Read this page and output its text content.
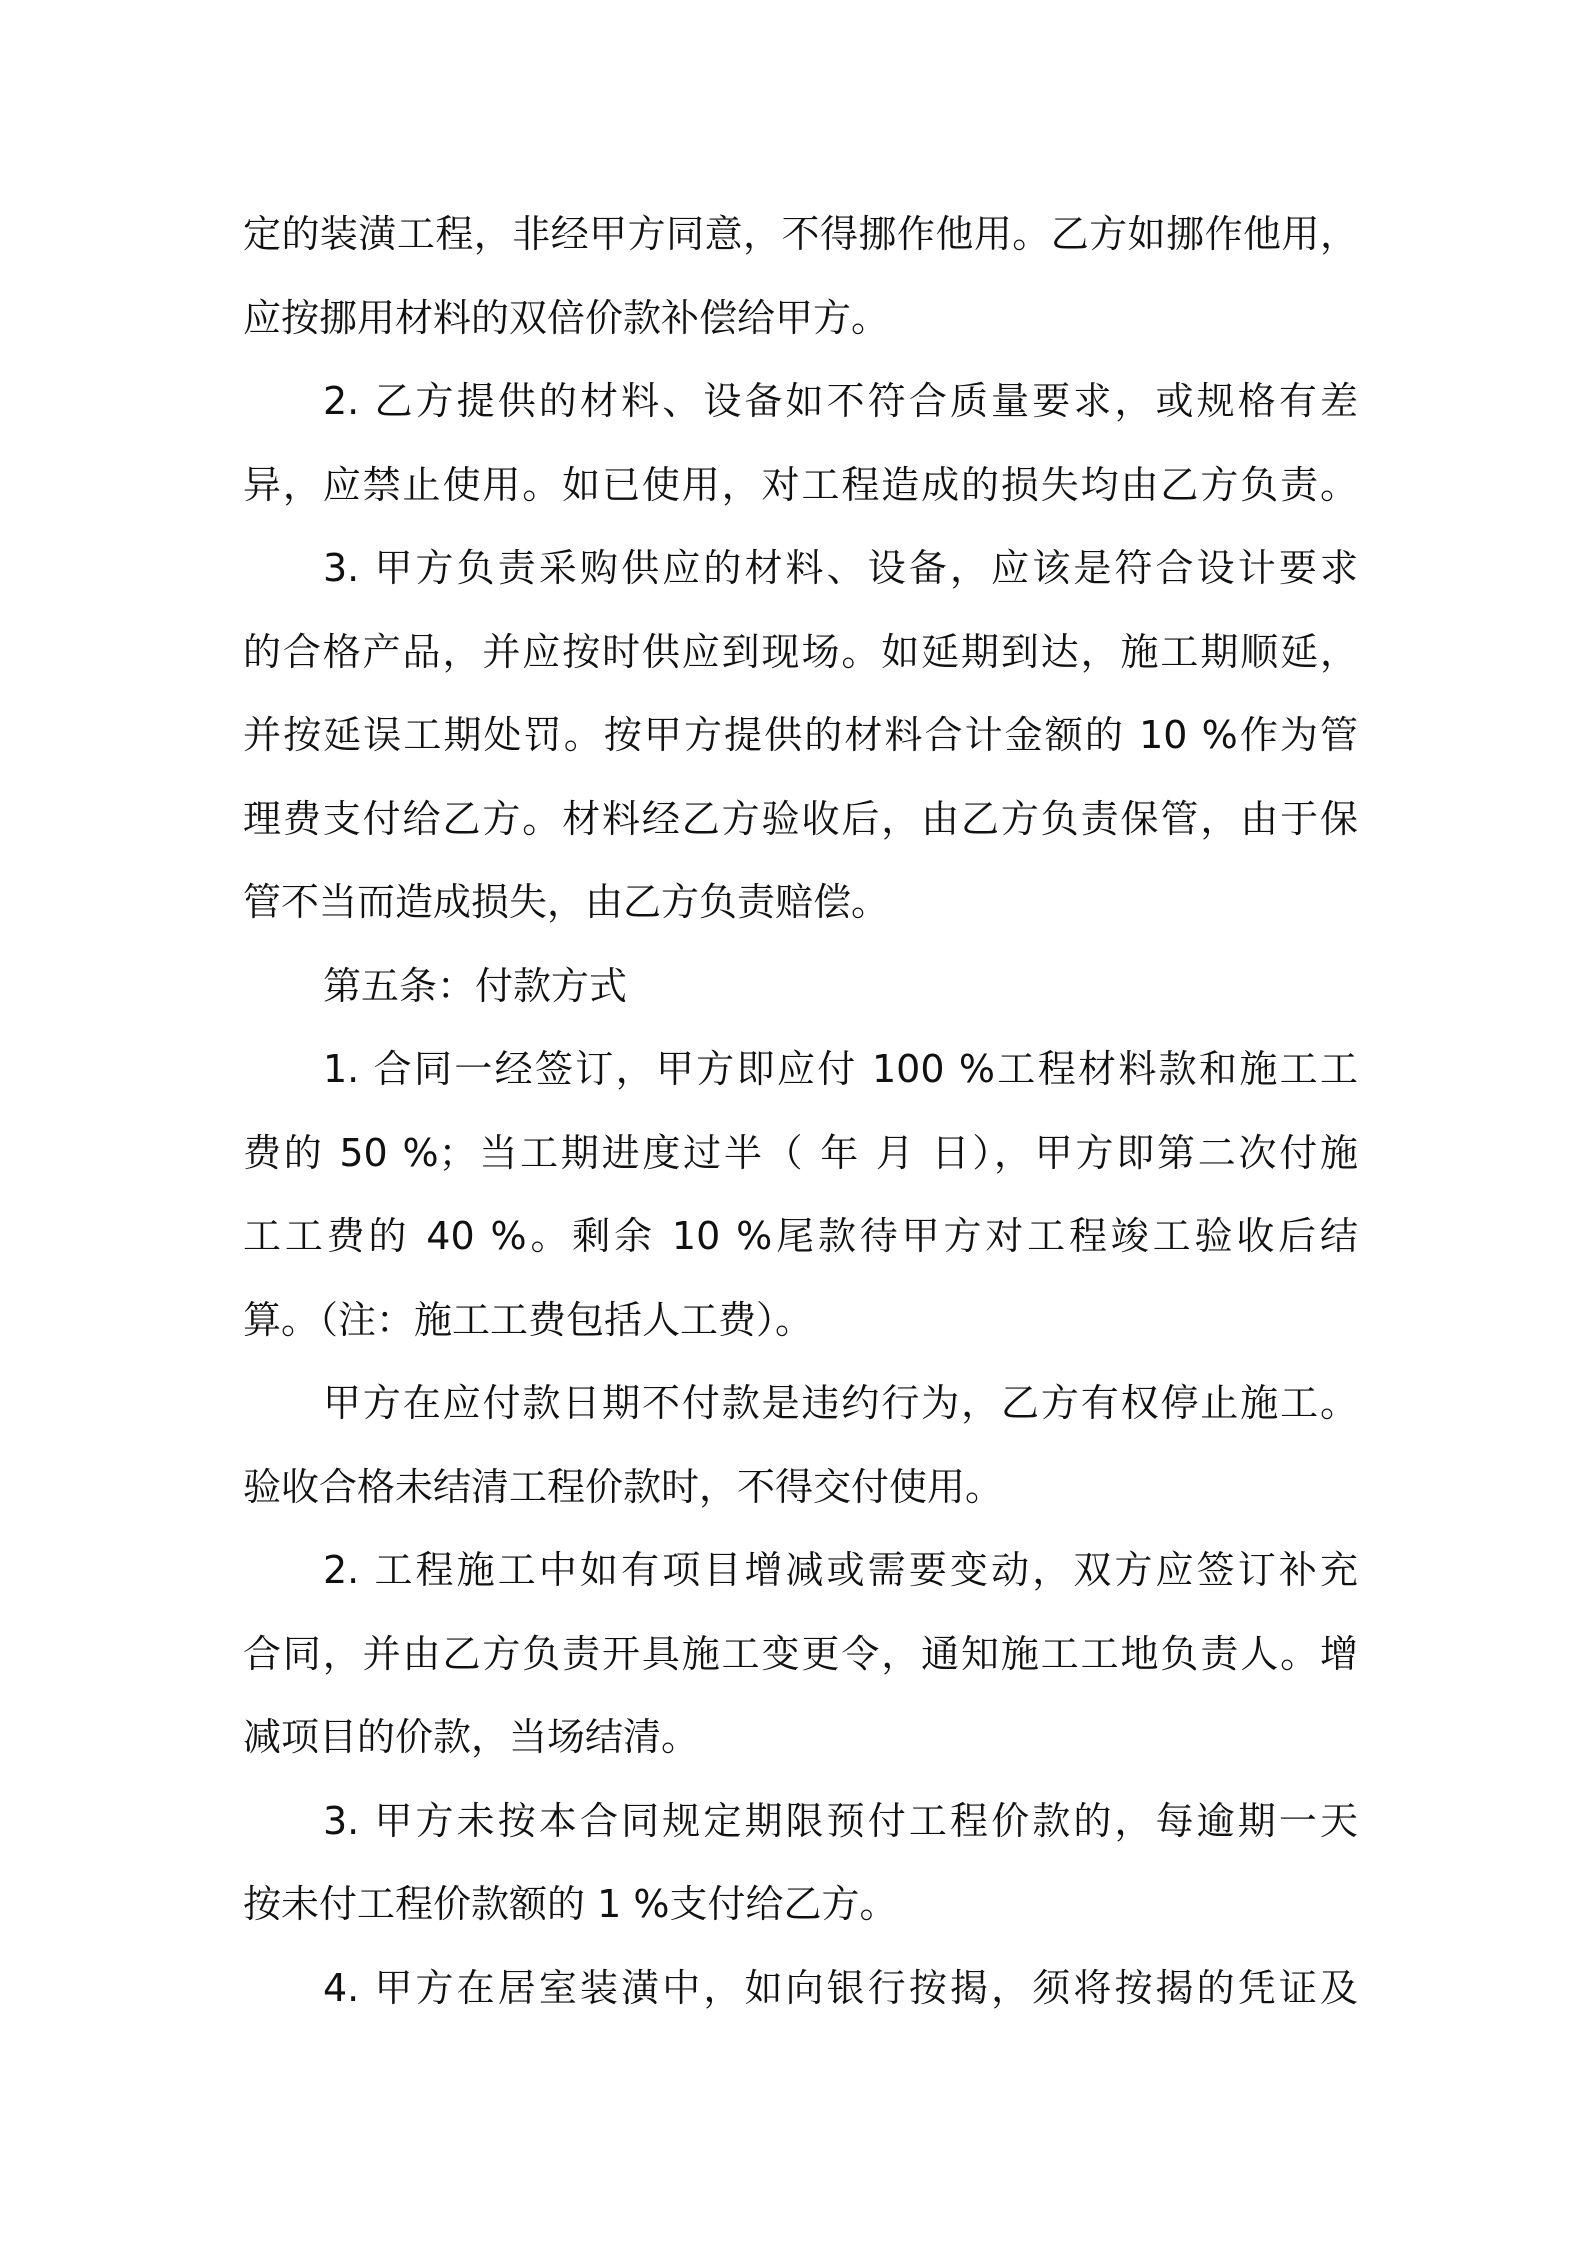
定的装潢工程，非经甲方同意，不得挪作他用。乙方如挪作他用，
应按挪用材料的双倍价款补偿给甲方。
2. 乙方提供的材料、设备如不符合质量要求，或规格有差
异，应禁止使用。如已使用，对工程造成的损失均由乙方负责。
3. 甲方负责采购供应的材料、设备，应该是符合设计要求
的合格产品，并应按时供应到现场。如延期到达，施工期顺延，
并按延误工期处罚。按甲方提供的材料合计金额的 10 %作为管
理费支付给乙方。材料经乙方验收后，由乙方负责保管，由于保
管不当而造成损失，由乙方负责赔偿。
第五条：付款方式
1. 合同一经签订，甲方即应付 100 %工程材料款和施工工
费的 50 %；当工期进度过半（ 年 月 日），甲方即第二次付施
工工费的 40 %。剩余 10 %尾款待甲方对工程竣工验收后结
算。（注：施工工费包括人工费）。
甲方在应付款日期不付款是违约行为，乙方有权停止施工。
验收合格未结清工程价款时，不得交付使用。
2. 工程施工中如有项目增减或需要变动，双方应签订补充
合同，并由乙方负责开具施工变更令，通知施工工地负责人。增
减项目的价款，当场结清。
3. 甲方未按本合同规定期限预付工程价款的，每逾期一天
按未付工程价款额的 1 %支付给乙方。
4. 甲方在居室装潢中，如向银行按揭，须将按揭的凭证及
